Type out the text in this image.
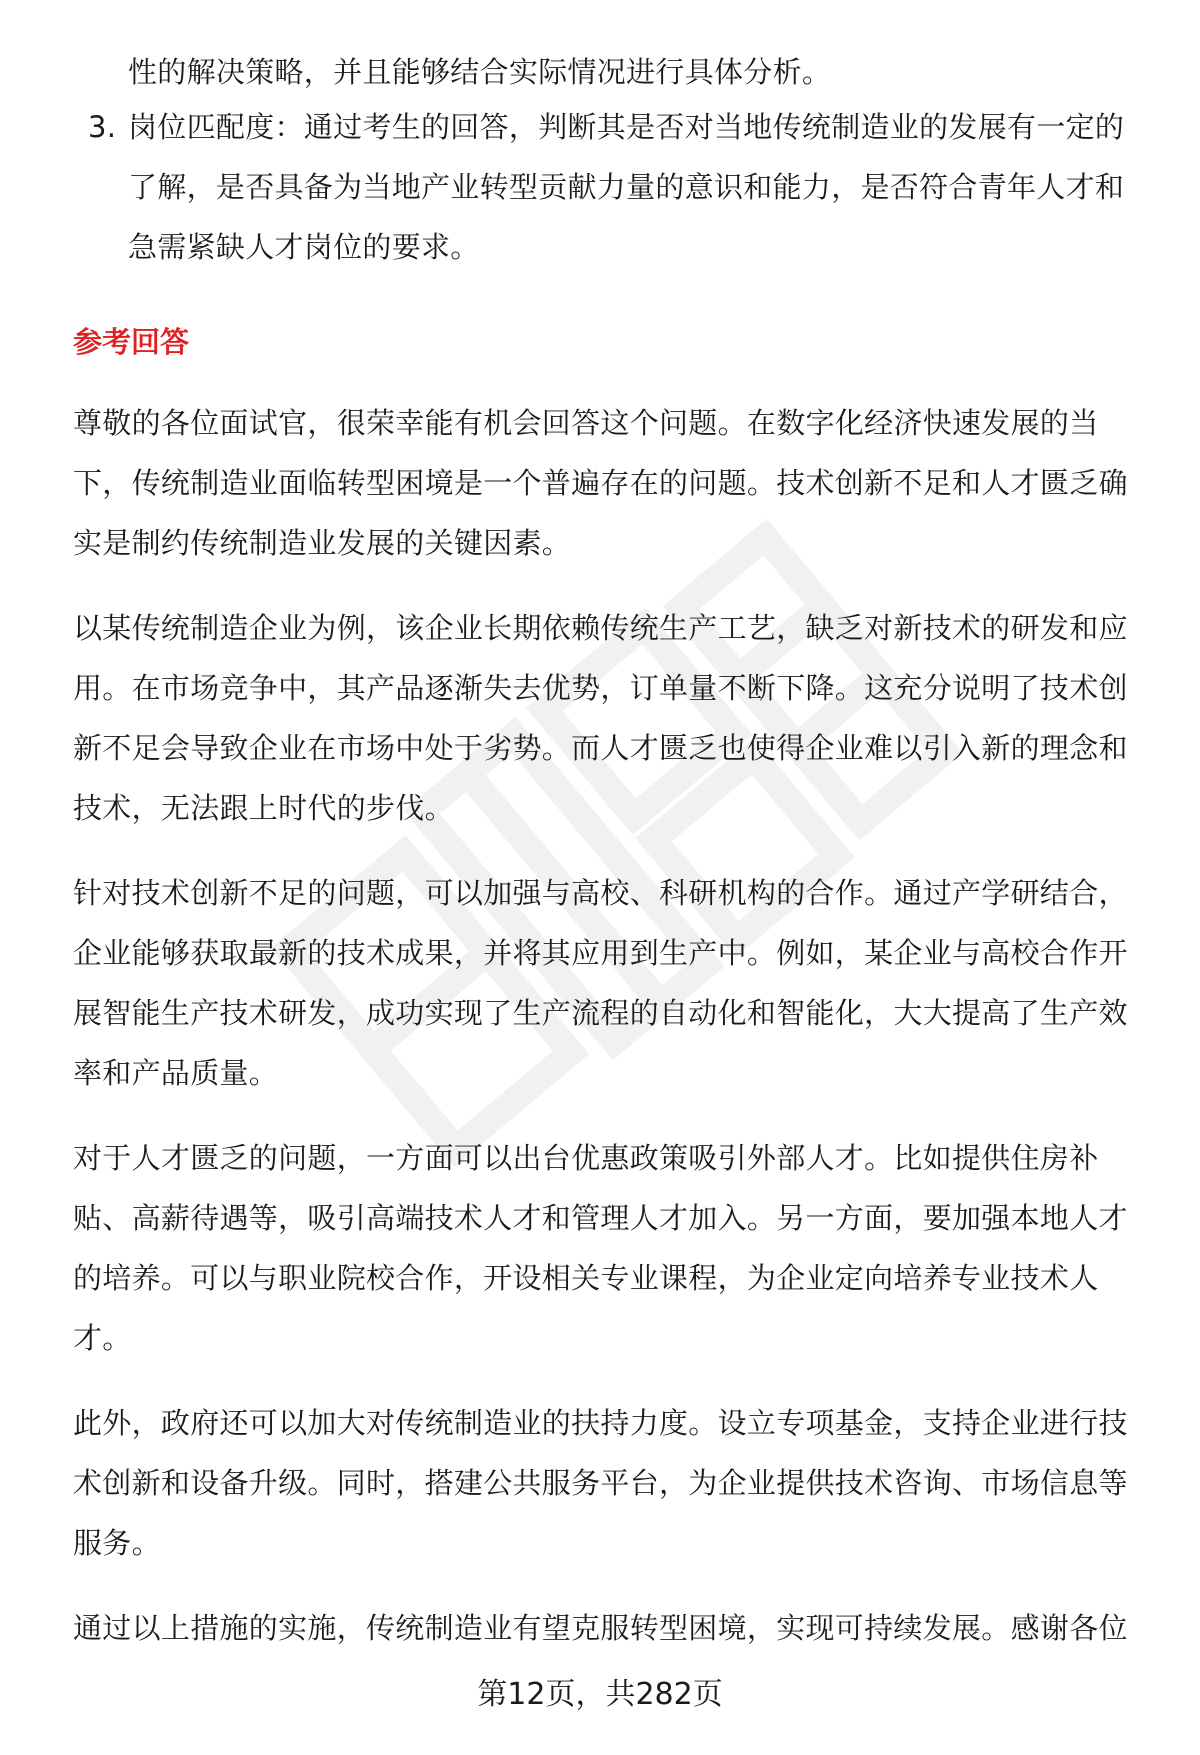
性的解决策略，并且能够结合实际情况进行具体分析。
3. 岗位匹配度：通过考生的回答，判断其是否对当地传统制造业的发展有一定的
了解，是否具备为当地产业转型贡献力量的意识和能力，是否符合青年人才和
急需紧缺人才岗位的要求。
参考回答
尊敬的各位面试官，很荣幸能有机会回答这个问题。在数字化经济快速发展的当
下，传统制造业面临转型困境是一个普遍存在的问题。技术创新不足和人才匮乏确
实是制约传统制造业发展的关键因素。
以某传统制造企业为例，该企业长期依赖传统生产工艺，缺乏对新技术的研发和应
用。在市场竞争中，其产品逐渐失去优势，订单量不断下降。这充分说明了技术创
新不足会导致企业在市场中处于劣势。而人才匮乏也使得企业难以引入新的理念和
技术，无法跟上时代的步伐。
针对技术创新不足的问题，可以加强与高校、科研机构的合作。通过产学研结合，
企业能够获取最新的技术成果，并将其应用到生产中。例如，某企业与高校合作开
展智能生产技术研发，成功实现了生产流程的自动化和智能化，大大提高了生产效
率和产品质量。
对于人才匮乏的问题，一方面可以出台优惠政策吸引外部人才。比如提供住房补
贴、高薪待遇等，吸引高端技术人才和管理人才加入。另一方面，要加强本地人才
的培养。可以与职业院校合作，开设相关专业课程，为企业定向培养专业技术人
才。
此外，政府还可以加大对传统制造业的扶持力度。设立专项基金，支持企业进行技
术创新和设备升级。同时，搭建公共服务平台，为企业提供技术咨询、市场信息等
服务。
通过以上措施的实施，传统制造业有望克服转型困境，实现可持续发展。感谢各位
第12页，共282页
